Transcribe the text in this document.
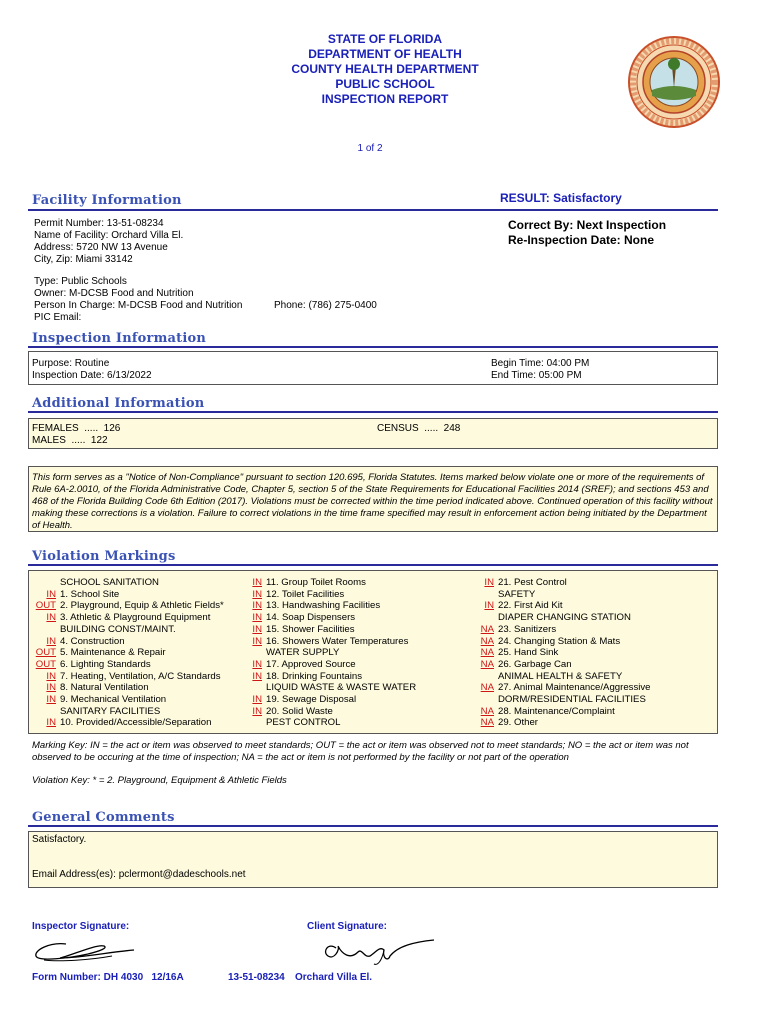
STATE OF FLORIDA
DEPARTMENT OF HEALTH
COUNTY HEALTH DEPARTMENT
PUBLIC SCHOOL
INSPECTION REPORT
1 of 2
Facility Information	RESULT: Satisfactory
Permit Number: 13-51-08234
Name of Facility: Orchard Villa El.
Address: 5720 NW 13 Avenue
City, Zip: Miami 33142
Correct By: Next Inspection
Re-Inspection Date: None
Type: Public Schools
Owner: M-DCSB Food and Nutrition
Person In Charge: M-DCSB Food and Nutrition	Phone: (786) 275-0400
PIC Email:
Inspection Information
Purpose: Routine
Inspection Date: 6/13/2022
Begin Time: 04:00 PM
End Time: 05:00 PM
Additional Information
FEMALES  .....  126
MALES  .....  122
CENSUS  .....  248
This form serves as a "Notice of Non-Compliance" pursuant to section 120.695, Florida Statutes. Items marked below violate one or more of the requirements of Rule 6A-2.0010, of the Florida Administrative Code, Chapter 5, section 5 of the State Requirements for Educational Facilities 2014 (SREF); and sections 453 and 468 of the Florida Building Code 6th Edition (2017). Violations must be corrected within the time period indicated above. Continued operation of this facility without making these corrections is a violation. Failure to correct violations in the time frame specified may result in enforcement action being initiated by the Department of Health.
Violation Markings
SCHOOL SANITATION
IN 1. School Site
OUT 2. Playground, Equip & Athletic Fields*
IN 3. Athletic & Playground Equipment
BUILDING CONST/MAINT.
IN 4. Construction
OUT 5. Maintenance & Repair
OUT 6. Lighting Standards
IN 7. Heating, Ventilation, A/C Standards
IN 8. Natural Ventilation
IN 9. Mechanical Ventilation
SANITARY FACILITIES
IN 10. Provided/Accessible/Separation
IN 11. Group Toilet Rooms
IN 12. Toilet Facilities
IN 13. Handwashing Facilities
IN 14. Soap Dispensers
IN 15. Shower Facilities
IN 16. Showers Water Temperatures
WATER SUPPLY
IN 17. Approved Source
IN 18. Drinking Fountains
LIQUID WASTE & WASTE WATER
IN 19. Sewage Disposal
IN 20. Solid Waste
PEST CONTROL
IN 21. Pest Control
SAFETY
IN 22. First Aid Kit
DIAPER CHANGING STATION
NA 23. Sanitizers
NA 24. Changing Station & Mats
NA 25. Hand Sink
NA 26. Garbage Can
ANIMAL HEALTH & SAFETY
NA 27. Animal Maintenance/Aggressive
DORM/RESIDENTIAL FACILITIES
NA 28. Maintenance/Complaint
NA 29. Other
Marking Key: IN = the act or item was observed to meet standards; OUT = the act or item was observed not to meet standards; NO = the act or item was not observed to be occuring at the time of inspection; NA = the act or item is not performed by the facility or not part of the operation
Violation Key: * = 2. Playground, Equipment & Athletic Fields
General Comments
Satisfactory.
Email Address(es): pclermont@dadeschools.net
Inspector Signature:	Client Signature:
Form Number: DH 4030   12/16A	13-51-08234 Orchard Villa El.
